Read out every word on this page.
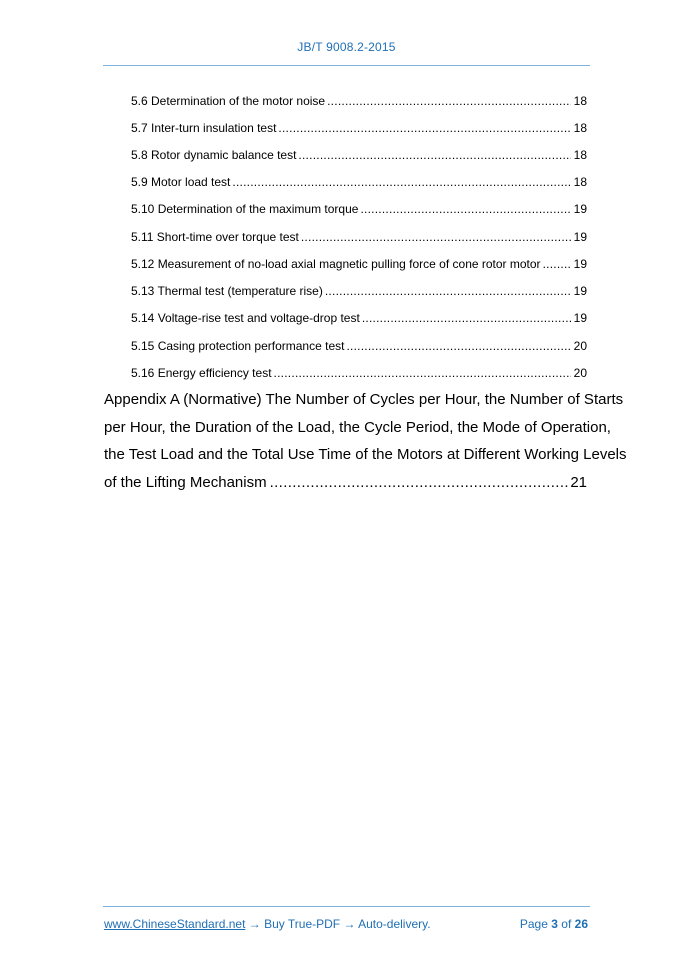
JB/T 9008.2-2015
5.6 Determination of the motor noise . . .	18
5.7 Inter-turn insulation test . . .	18
5.8 Rotor dynamic balance test . . .	18
5.9 Motor load test . . .	18
5.10 Determination of the maximum torque . . .	19
5.11 Short-time over torque test . . .	19
5.12 Measurement of no-load axial magnetic pulling force of cone rotor motor . . .	19
5.13 Thermal test (temperature rise) . . .	19
5.14 Voltage-rise test and voltage-drop test . . .	19
5.15 Casing protection performance test . . .	20
5.16 Energy efficiency test . . .	20
Appendix A (Normative) The Number of Cycles per Hour, the Number of Starts
per Hour, the Duration of the Load, the Cycle Period, the Mode of Operation,
the Test Load and the Total Use Time of the Motors at Different Working Levels
of the Lifting Mechanism . . .	21
www.ChineseStandard.net → Buy True-PDF → Auto-delivery.	Page 3 of 26
